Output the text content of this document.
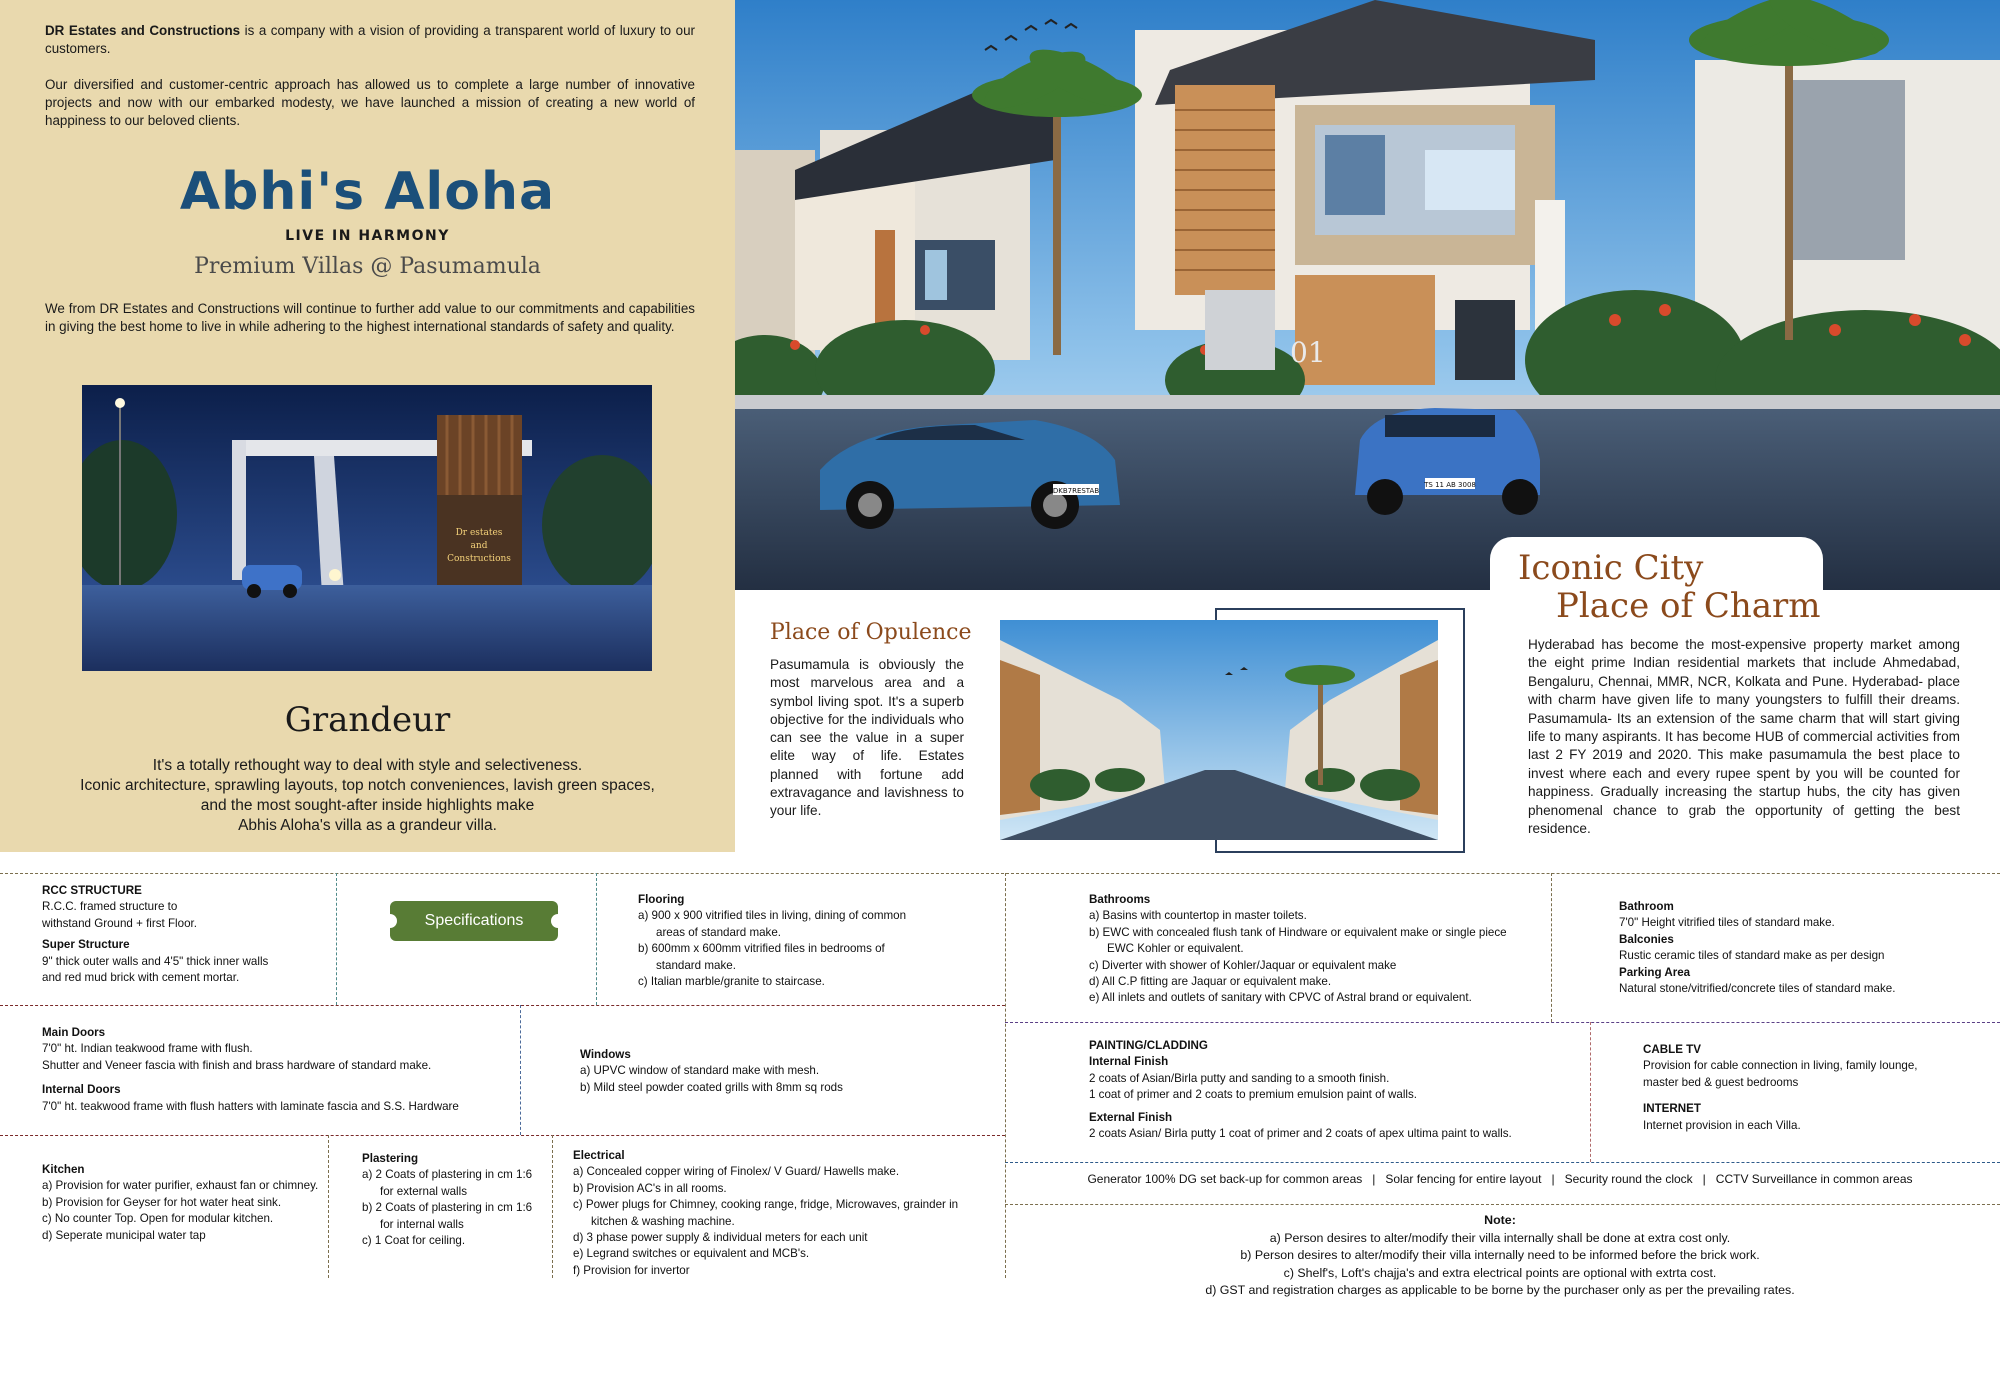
DR Estates and Constructions is a company with a vision of providing a transparent world of luxury to our customers.

Our diversified and customer-centric approach has allowed us to complete a large number of innovative projects and now with our embarked modesty, we have launched a mission of creating a new world of happiness to our beloved clients.

Abhi's Aloha
LIVE IN HARMONY
Premium Villas @ Pasumamula
We from DR Estates and Constructions will continue to further add value to our commitments and capabilities in giving the best home to live in while adhering to the highest international standards of safety and quality.
Dr estates
and
Constructions
Grandeur
It's a totally rethought way to deal with style and selectiveness.
Iconic architecture, sprawling layouts, top notch conveniences, lavish green spaces,
and the most sought-after inside highlights make
Abhis Aloha's villa as a grandeur villa.
01
DKB7RESTAB
TS 11 AB 3008
Iconic City
Place of Charm
Hyderabad has become the most-expensive property market among the eight prime Indian residential markets that include Ahmedabad, Bengaluru, Chennai, MMR, NCR, Kolkata and Pune. Hyderabad- place with charm have given life to many youngsters to fulfill their dreams. Pasumamula- Its an extension of the same charm that will start giving life to many aspirants. It has become HUB of commercial activities from last 2 FY 2019 and 2020. This make pasumamula the best place to invest where each and every rupee spent by you will be counted for happiness. Gradually increasing the startup hubs, the city has given phenomenal chance to grab the opportunity of getting the best residence.
Place of Opulence
Pasumamula is obviously the most marvelous area and a symbol living spot. It's a superb objective for the individuals who can see the value in a super elite way of life. Estates planned with fortune add extravagance and lavishness to your life.
Specifications
RCC STRUCTURE
R.C.C. framed structure to
withstand Ground + first Floor.
Super Structure
9" thick outer walls and 4'5" thick inner walls
and red mud brick with cement mortar.
Flooring
a) 900 x 900 vitrified tiles in living, dining of common areas of standard make.
b) 600mm x 600mm vitrified files in bedrooms of standard make.
c) Italian marble/granite to staircase.
Bathrooms
a) Basins with countertop in master toilets.
b) EWC with concealed flush tank of Hindware or equivalent make or single piece EWC Kohler or equivalent.
c) Diverter with shower of Kohler/Jaquar or equivalent make
d) All C.P fitting are Jaquar or equivalent make.
e) All inlets and outlets of sanitary with CPVC of Astral brand or equivalent.
Bathroom
7'0" Height vitrified tiles of standard make.
Balconies
Rustic ceramic tiles of standard make as per design
Parking Area
Natural stone/vitrified/concrete tiles of standard make.
Main Doors
7'0" ht. Indian teakwood frame with flush.
Shutter and Veneer fascia with finish and brass hardware of standard make.
Internal Doors
7'0" ht. teakwood frame with flush hatters with laminate fascia and S.S. Hardware
Windows
a) UPVC window of standard make with mesh.
b) Mild steel powder coated grills with 8mm sq rods
PAINTING/CLADDING
Internal Finish
2 coats of Asian/Birla putty and sanding to a smooth finish.
1 coat of primer and 2 coats to premium emulsion paint of walls.
External Finish
2 coats Asian/ Birla putty 1 coat of primer and 2 coats of apex ultima paint to walls.
CABLE TV
Provision for cable connection in living, family lounge,
master bed & guest bedrooms
INTERNET
Internet provision in each Villa.
Kitchen
a) Provision for water purifier, exhaust fan or chimney.
b) Provision for Geyser for hot water heat sink.
c) No counter Top. Open for modular kitchen.
d) Seperate municipal water tap
Plastering
a) 2 Coats of plastering in cm 1:6 for external walls
b) 2 Coats of plastering in cm 1:6 for internal walls
c) 1 Coat for ceiling.
Electrical
a) Concealed copper wiring of Finolex/ V Guard/ Hawells make.
b) Provision AC's in all rooms.
c) Power plugs for Chimney, cooking range, fridge, Microwaves, grainder in kitchen & washing machine.
d) 3 phase power supply & individual meters for each unit
e) Legrand switches or equivalent and MCB's.
f) Provision for invertor
Generator 100% DG set back-up for common areas   |   Solar fencing for entire layout   |   Security round the clock   |   CCTV Surveillance in common areas
Note:
a) Person desires to alter/modify their villa internally shall be done at extra cost only.
b) Person desires to alter/modify their villa internally need to be informed before the brick work.
c) Shelf's, Loft's chajja's and extra electrical points are optional with extrta cost.
d) GST and registration charges as applicable to be borne by the purchaser only as per the prevailing rates.
